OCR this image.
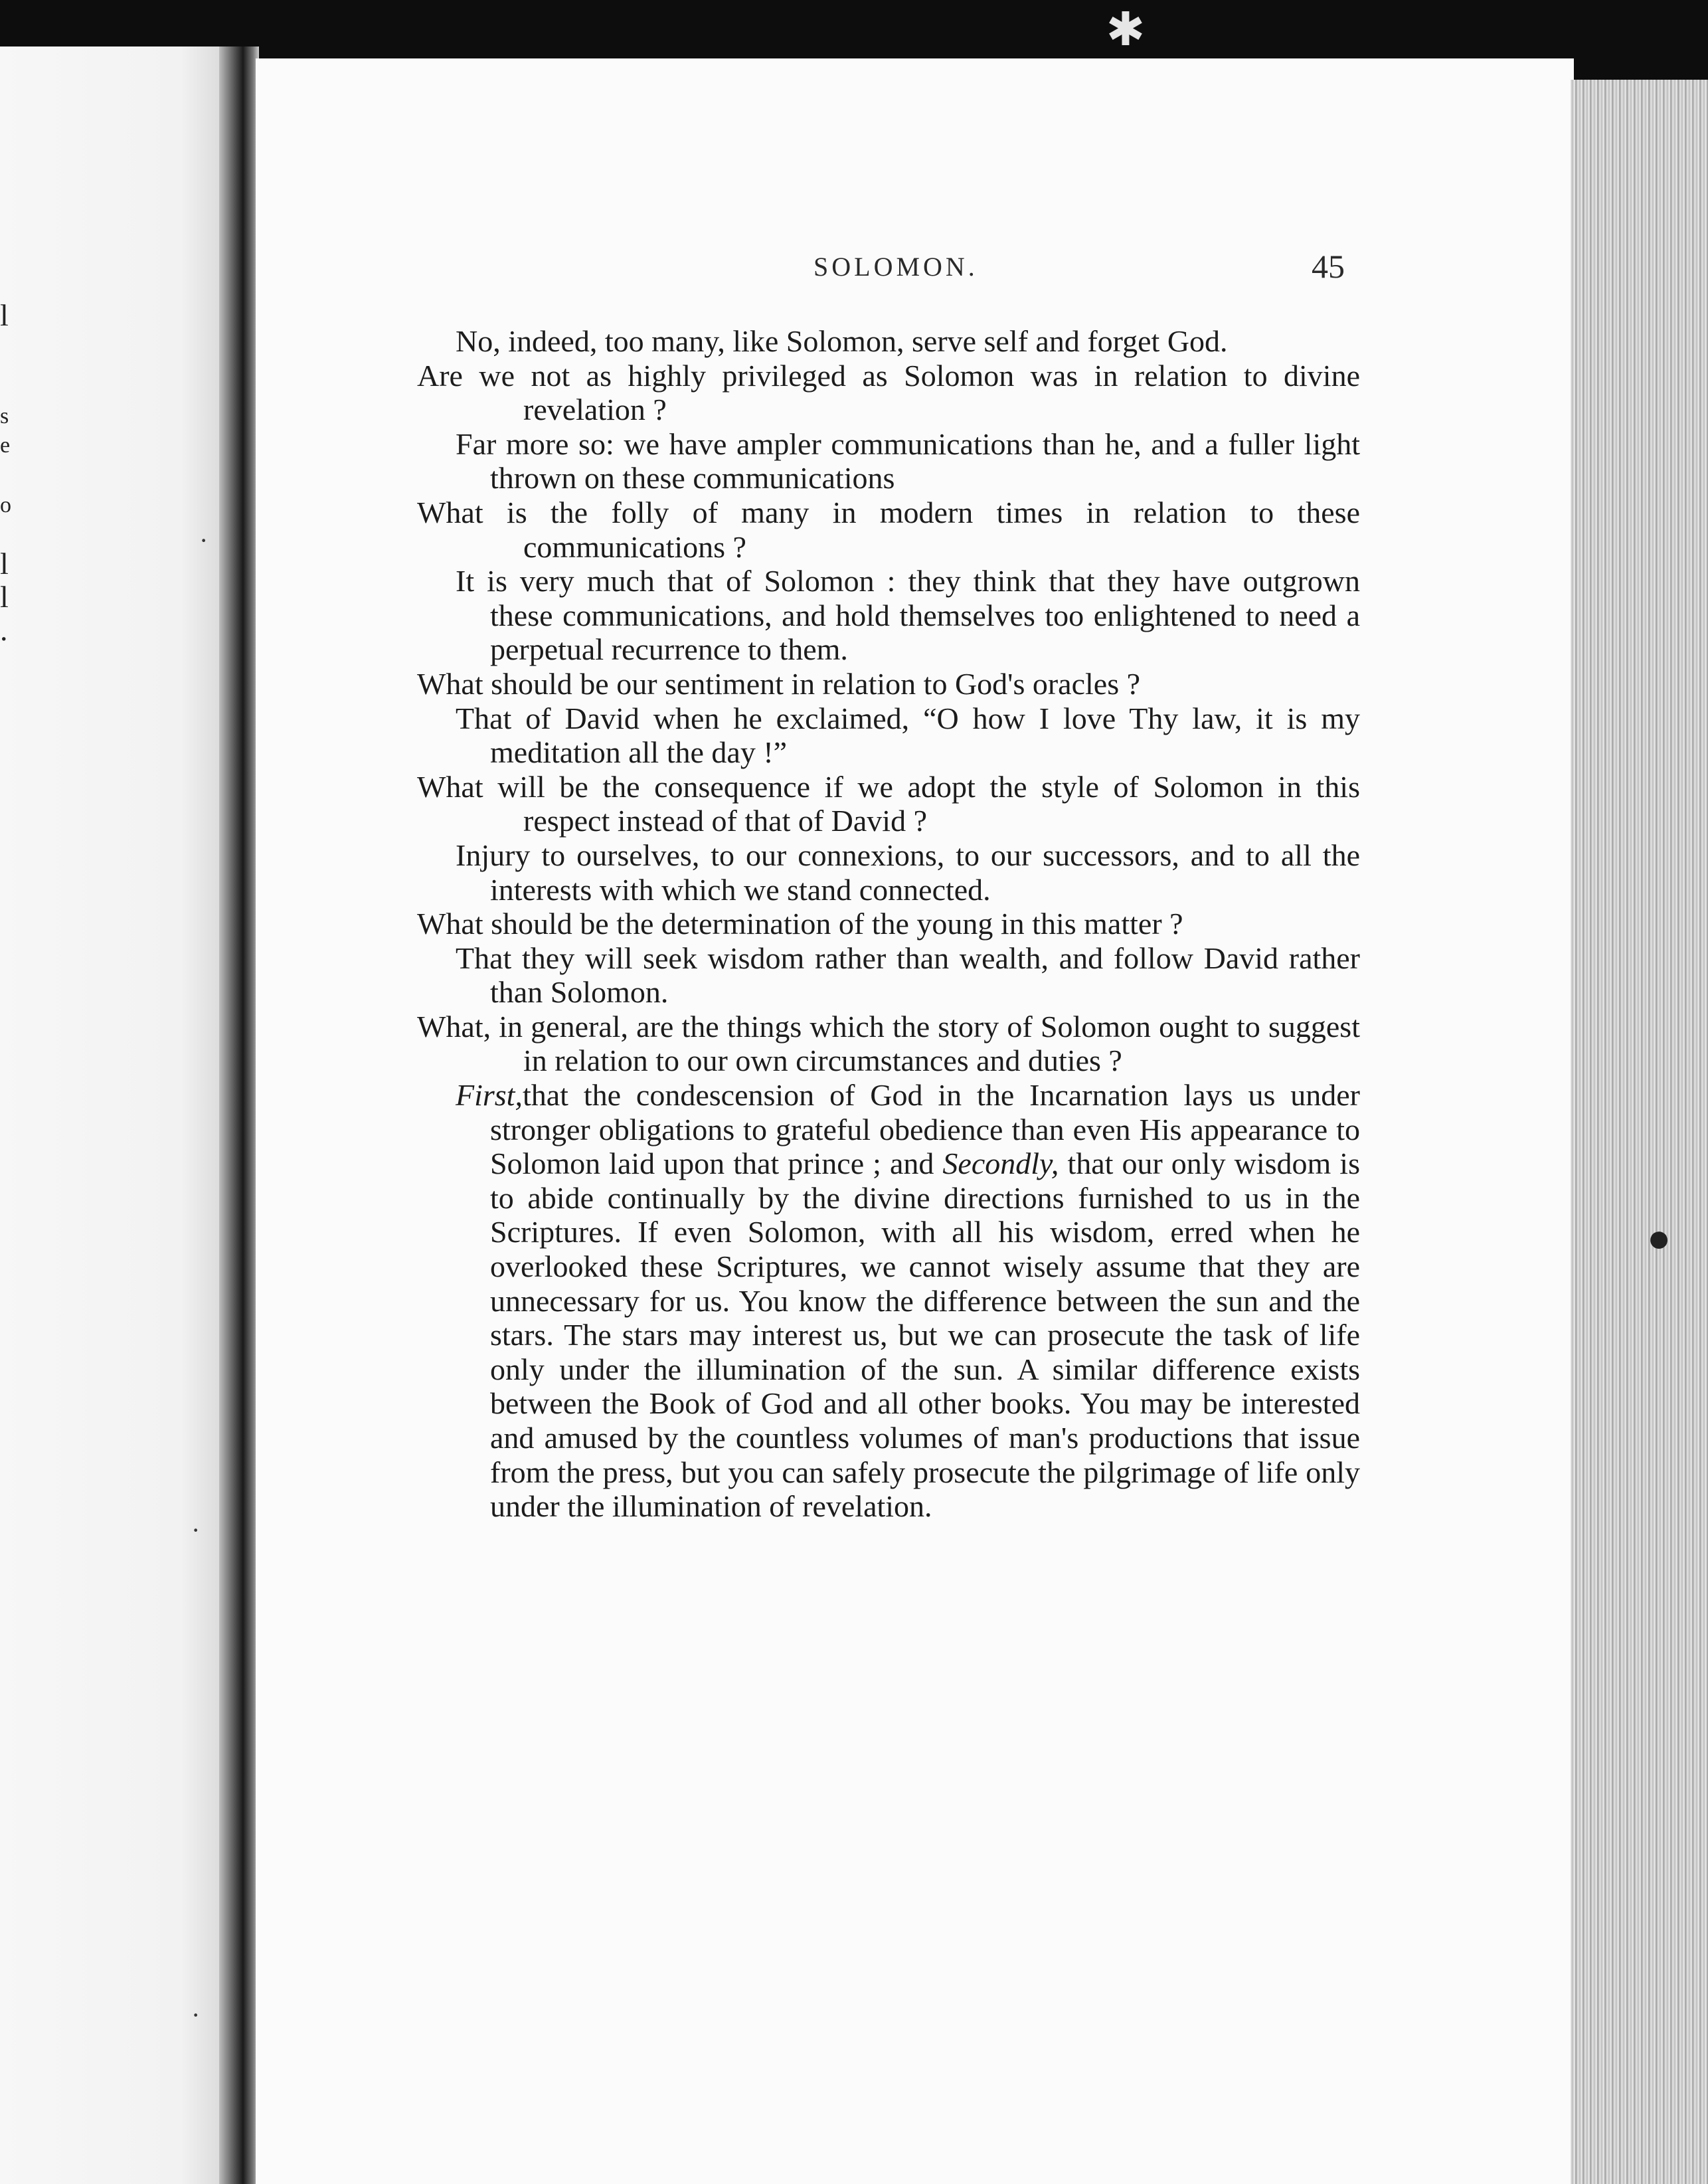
✱
l
s
e
o
l
l
.
·
·
·
●
SOLOMON.	45

No, indeed, too many, like Solomon, serve self and forget God.

Are we not as highly privileged as Solomon was in relation to divine revelation ?

Far more so: we have ampler communications than he, and a fuller light thrown on these communications

What is the folly of many in modern times in relation to these communications ?

It is very much that of Solomon : they think that they have outgrown these communications, and hold themselves too enlightened to need a perpetual recurrence to them.

What should be our sentiment in relation to God's oracles ?

That of David when he exclaimed, “O how I love Thy law, it is my meditation all the day !”

What will be the consequence if we adopt the style of Solomon in this respect instead of that of David ?

Injury to ourselves, to our connexions, to our successors, and to all the interests with which we stand connected.

What should be the determination of the young in this matter ?

That they will seek wisdom rather than wealth, and follow David rather than Solomon.

What, in general, are the things which the story of Solomon ought to suggest in relation to our own circumstances and duties ?

First,that the condescension of God in the Incarnation lays us under stronger obligations to grateful obedience than even His appearance to Solomon laid upon that prince ; and Secondly, that our only wisdom is to abide continually by the divine directions furnished to us in the Scriptures. If even Solomon, with all his wisdom, erred when he overlooked these Scriptures, we cannot wisely assume that they are unnecessary for us. You know the difference between the sun and the stars. The stars may interest us, but we can prosecute the task of life only under the illumination of the sun. A similar difference exists between the Book of God and all other books. You may be interested and amused by the countless volumes of man's productions that issue from the press, but you can safely prosecute the pilgrimage of life only under the illumination of revelation.
